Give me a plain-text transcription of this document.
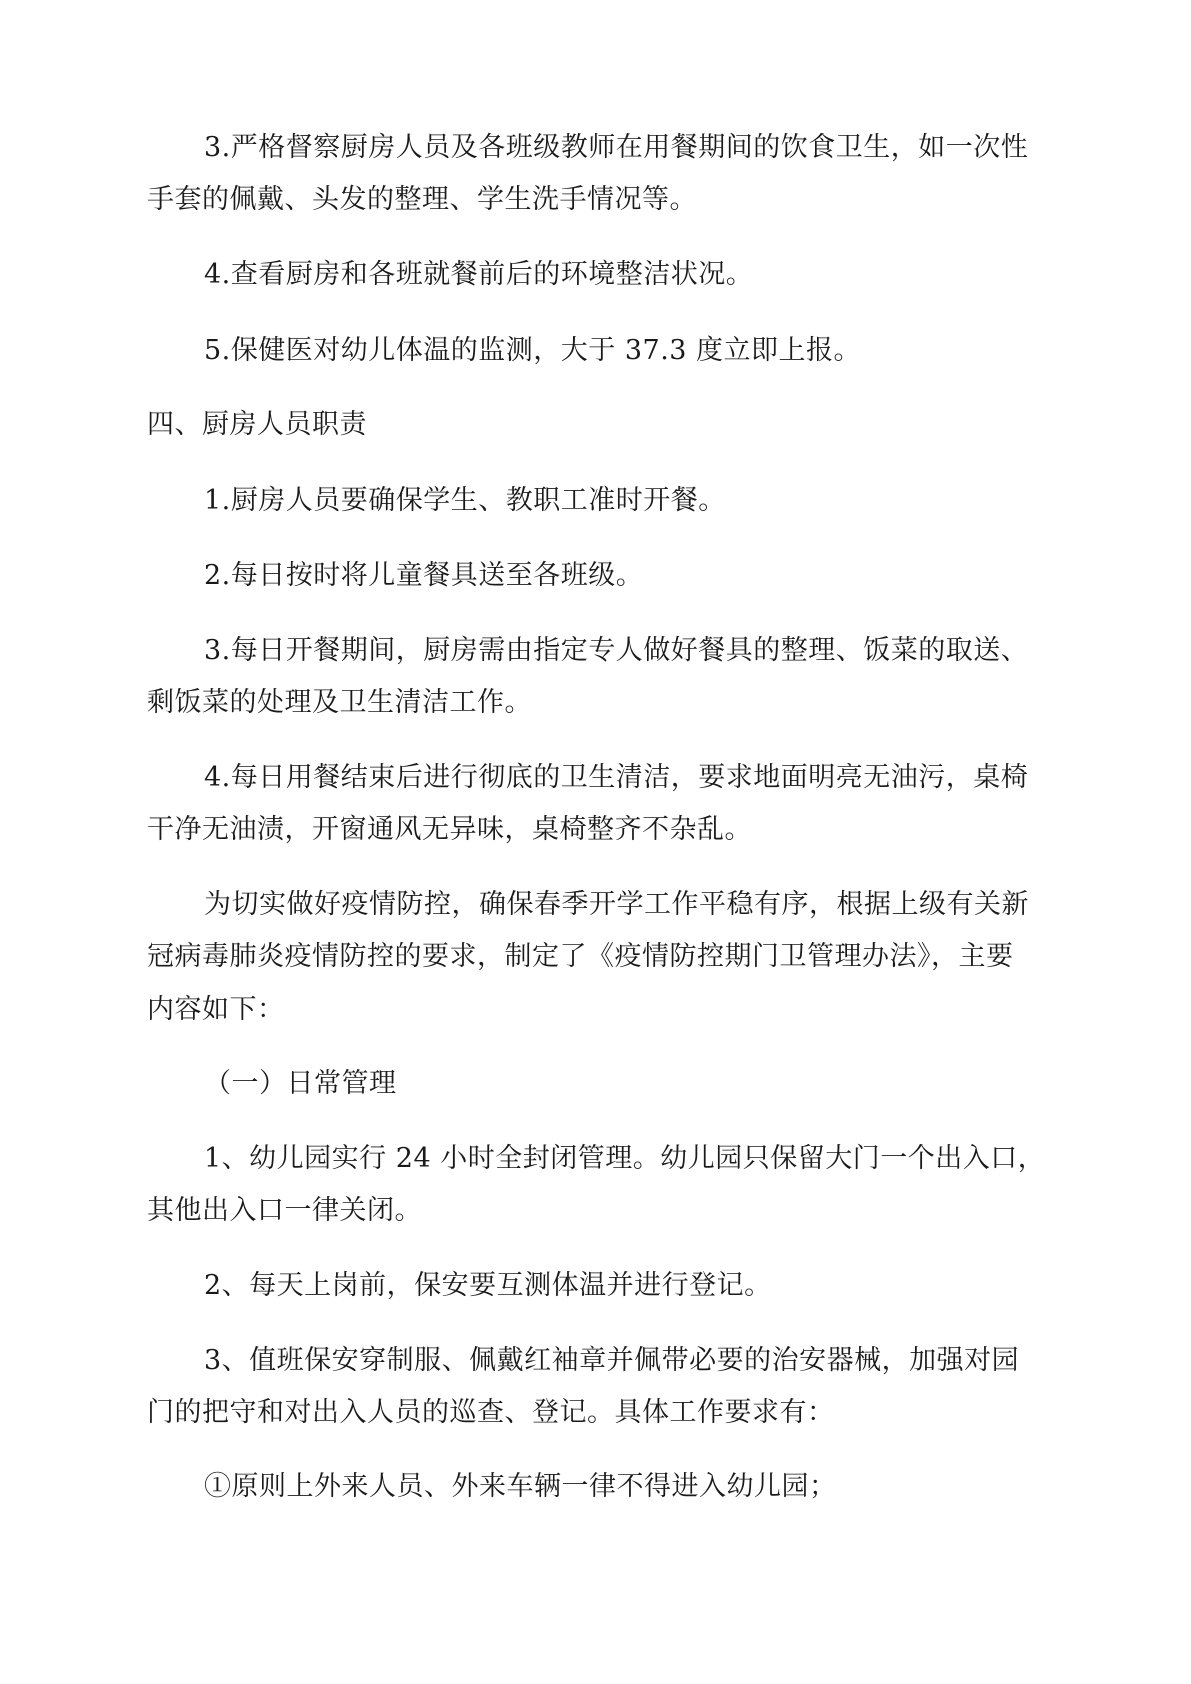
3.严格督察厨房人员及各班级教师在用餐期间的饮食卫生，如一次性
手套的佩戴、头发的整理、学生洗手情况等。
4.查看厨房和各班就餐前后的环境整洁状况。
5.保健医对幼儿体温的监测，大于 37.3 度立即上报。
四、厨房人员职责
1.厨房人员要确保学生、教职工准时开餐。
2.每日按时将儿童餐具送至各班级。
3.每日开餐期间，厨房需由指定专人做好餐具的整理、饭菜的取送、
剩饭菜的处理及卫生清洁工作。
4.每日用餐结束后进行彻底的卫生清洁，要求地面明亮无油污，桌椅
干净无油渍，开窗通风无异味，桌椅整齐不杂乱。
为切实做好疫情防控，确保春季开学工作平稳有序，根据上级有关新
冠病毒肺炎疫情防控的要求，制定了《疫情防控期门卫管理办法》，主要
内容如下：
（一）日常管理
1、幼儿园实行 24 小时全封闭管理。幼儿园只保留大门一个出入口，
其他出入口一律关闭。
2、每天上岗前，保安要互测体温并进行登记。
3、值班保安穿制服、佩戴红袖章并佩带必要的治安器械，加强对园
门的把守和对出入人员的巡查、登记。具体工作要求有：
①原则上外来人员、外来车辆一律不得进入幼儿园；
